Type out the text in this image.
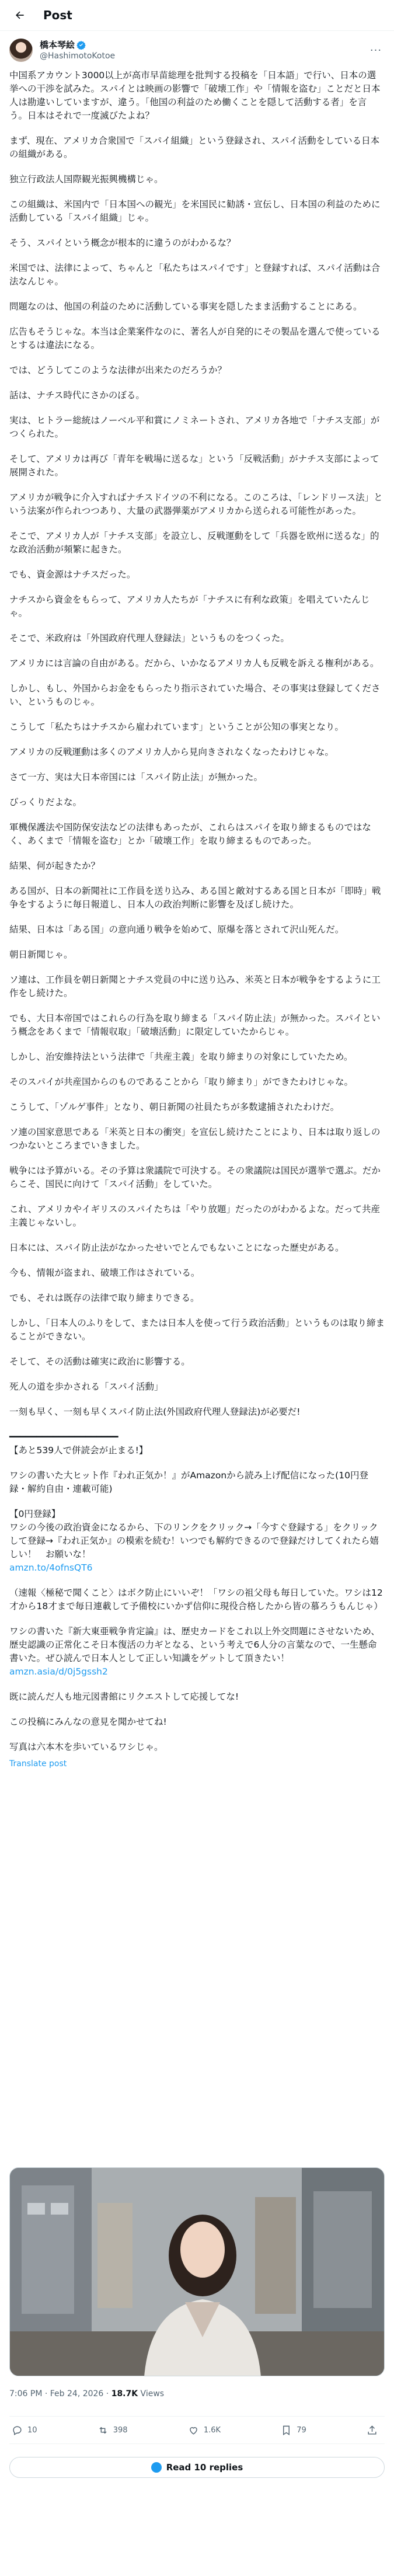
Post
橋本琴絵
@HashimotoKotoe	···

中国系アカウント3000以上が高市早苗総理を批判する投稿を「日本語」で行い、日本の選挙への干渉を試みた。スパイとは映画の影響で「破壊工作」や「情報を盗む」ことだと日本人は勘違いしていますが、違う。「他国の利益のため働くことを隠して活動する者」を言う。日本はそれで一度滅びたよね？

まず、現在、アメリカ合衆国で「スパイ組織」という登録され、スパイ活動をしている日本の組織がある。

独立行政法人国際観光振興機構じゃ。

この組織は、米国内で「日本国への観光」を米国民に勧誘・宣伝し、日本国の利益のために活動している「スパイ組織」じゃ。

そう、スパイという概念が根本的に違うのがわかるな？

米国では、法律によって、ちゃんと「私たちはスパイです」と登録すれば、スパイ活動は合法なんじゃ。

問題なのは、他国の利益のために活動している事実を隠したまま活動することにある。

広告もそうじゃな。本当は企業案件なのに、著名人が自発的にその製品を選んで使っているとするは違法になる。

では、どうしてこのような法律が出来たのだろうか？

話は、ナチス時代にさかのぼる。

実は、ヒトラー総統はノーベル平和賞にノミネートされ、アメリカ各地で「ナチス支部」がつくられた。

そして、アメリカは再び「青年を戦場に送るな」という「反戦活動」がナチス支部によって展開された。

アメリカが戦争に介入すればナチスドイツの不利になる。このころは、「レンドリース法」という法案が作られつつあり、大量の武器弾薬がアメリカから送られる可能性があった。

そこで、アメリカ人が「ナチス支部」を設立し、反戦運動をして「兵器を欧州に送るな」的な政治活動が頻繁に起きた。

でも、資金源はナチスだった。

ナチスから資金をもらって、アメリカ人たちが「ナチスに有利な政策」を唱えていたんじゃ。

そこで、米政府は「外国政府代理人登録法」というものをつくった。

アメリカには言論の自由がある。だから、いかなるアメリカ人も反戦を訴える権利がある。

しかし、もし、外国からお金をもらったり指示されていた場合、その事実は登録してください、というものじゃ。

こうして「私たちはナチスから雇われています」ということが公知の事実となり。

アメリカの反戦運動は多くのアメリカ人から見向きされなくなったわけじゃな。

さて一方、実は大日本帝国には「スパイ防止法」が無かった。

びっくりだよな。

軍機保護法や国防保安法などの法律もあったが、これらはスパイを取り締まるものではなく、あくまで「情報を盗む」とか「破壊工作」を取り締まるものであった。

結果、何が起きたか？

ある国が、日本の新聞社に工作員を送り込み、ある国と敵対するある国と日本が「即時」戦争をするように毎日報道し、日本人の政治判断に影響を及ぼし続けた。

結果、日本は「ある国」の意向通り戦争を始めて、原爆を落とされて沢山死んだ。

朝日新聞じゃ。

ソ連は、工作員を朝日新聞とナチス党員の中に送り込み、米英と日本が戦争をするように工作をし続けた。

でも、大日本帝国ではこれらの行為を取り締まる「スパイ防止法」が無かった。スパイという概念をあくまで「情報収取」「破壊活動」に限定していたからじゃ。

しかし、治安維持法という法律で「共産主義」を取り締まりの対象にしていたため。

そのスパイが共産国からのものであることから「取り締まり」ができたわけじゃな。

こうして、「ゾルゲ事件」となり、朝日新聞の社員たちが多数逮捕されたわけだ。

ソ連の国家意思である「米英と日本の衝突」を宣伝し続けたことにより、日本は取り返しのつかないところまでいきました。

戦争には予算がいる。その予算は衆議院で可決する。その衆議院は国民が選挙で選ぶ。だからこそ、国民に向けて「スパイ活動」をしていた。

これ、アメリカやイギリスのスパイたちは「やり放題」だったのがわかるよな。だって共産主義じゃないし。

日本には、スパイ防止法がなかったせいでとんでもないことになった歴史がある。

今も、情報が盗まれ、破壊工作はされている。

でも、それは既存の法律で取り締まりできる。

しかし、「日本人のふりをして、または日本人を使って行う政治活動」というものは取り締まることができない。

そして、その活動は確実に政治に影響する。

死人の道を歩かされる「スパイ活動」

一刻も早く、一刻も早くスパイ防止法(外国政府代理人登録法)が必要だ!

━━━━━━━━━━━━━━━━━━━━

【あと539人で併読会が止まる!】

ワシの書いた大ヒット作『われ正気か！』がAmazonから読み上げ配信になった(10円登録・解約自由・連載可能)

【0円登録】

ワシの今後の政治資金になるから、下のリンクをクリック→「今すぐ登録する」をクリックして登録→『われ正気か』の模索を続む！いつでも解約できるので登録だけしてくれたら嬉しい！　お願いな！

amzn.to/4ofnsQT6

（速報〈極秘で聞くこと〉はボク防止にいいぞ！「ワシの祖父母も毎日していた。ワシは12才から18才まで毎日連載して予備校にいかず信仰に現役合格したから皆の慕ろうもんじゃ）

ワシの書いた『新大東亜戦争肯定論』は、歴史カードをこれ以上外交問題にさせないため、歴史認識の正常化こそ日本復活の力ギとなる、という考えで6人分の言葉なので、一生懸命書いた。ぜひ読んで日本人として正しい知識をゲットして頂きたい！

amzn.asia/d/0j5gssh2

既に読んだ人も地元図書館にリクエストして応援してな!

この投稿にみんなの意見を聞かせてね!

写真は六本木を歩いているワシじゃ。

Translate post
7:06 PM · Feb 24, 2026 · 18.7K Views
10	398	1.6K	79
Read 10 replies
